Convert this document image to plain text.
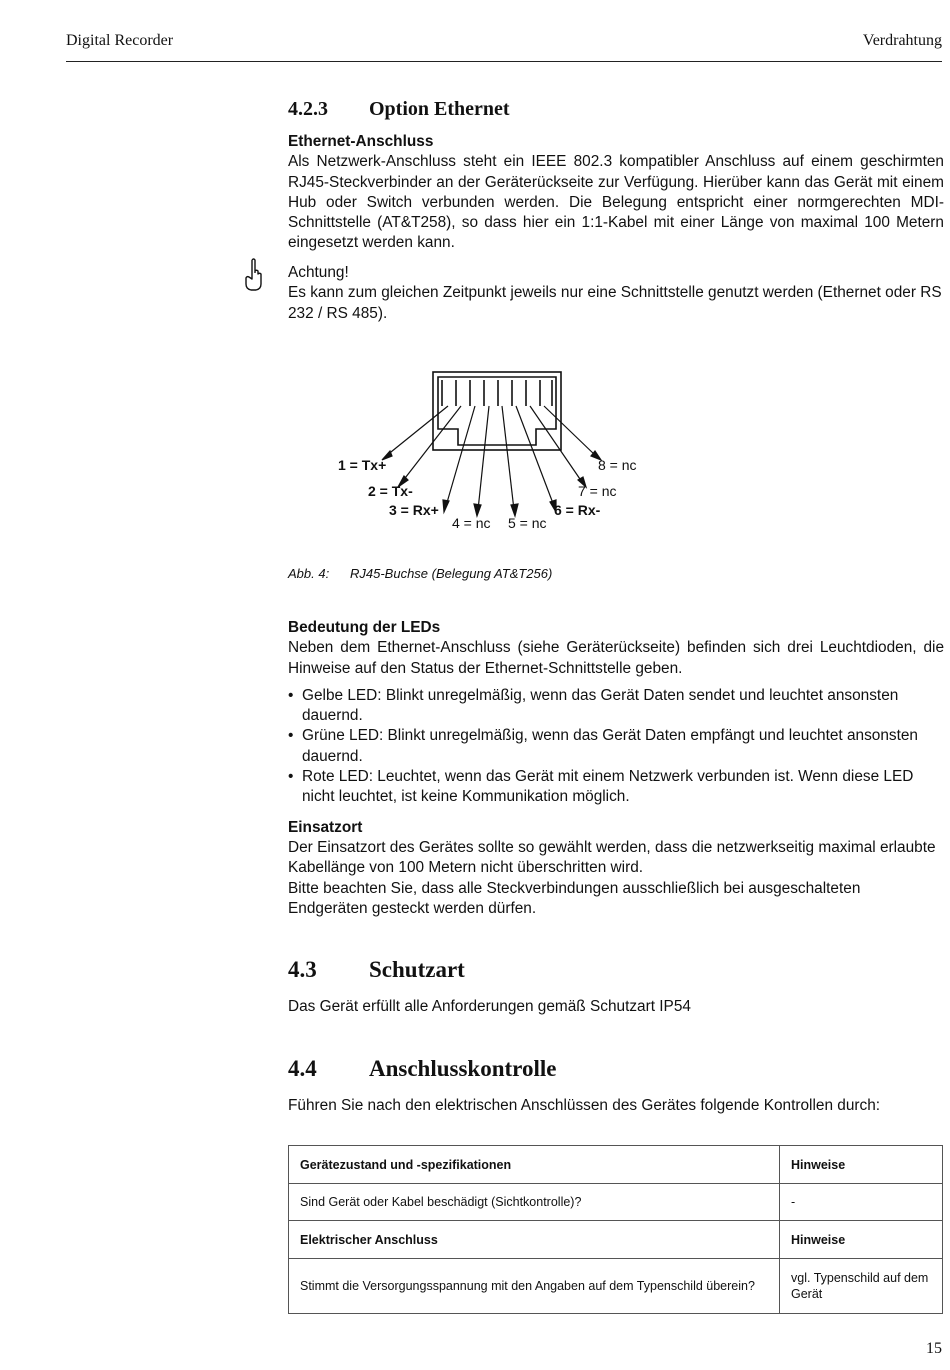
Digital Recorder	Verdrahtung
4.2.3 Option Ethernet

Ethernet-Anschluss

Als Netzwerk-Anschluss steht ein IEEE 802.3 kompatibler Anschluss auf einem geschirmten RJ45-Steckverbinder an der Geräterückseite zur Verfügung. Hierüber kann das Gerät mit einem Hub oder Switch verbunden werden. Die Belegung entspricht einer normgerechten MDI-Schnittstelle (AT&T258), so dass hier ein 1:1-Kabel mit einer Länge von maximal 100 Metern eingesetzt werden kann.

Achtung!

Es kann zum gleichen Zeitpunkt jeweils nur eine Schnittstelle genutzt werden (Ethernet oder RS 232 / RS 485).

1 = Tx+
2 = Tx-
3 = Rx+
4 = nc 5 = nc
6 = Rx-
7 = nc
8 = nc
Abb. 4: RJ45-Buchse (Belegung AT&T256)

Bedeutung der LEDs

Neben dem Ethernet-Anschluss (siehe Geräterückseite) befinden sich drei Leuchtdioden, die Hinweise auf den Status der Ethernet-Schnittstelle geben.

• Gelbe LED: Blinkt unregelmäßig, wenn das Gerät Daten sendet und leuchtet ansonsten dauernd.
• Grüne LED: Blinkt unregelmäßig, wenn das Gerät Daten empfängt und leuchtet ansonsten dauernd.
• Rote LED: Leuchtet, wenn das Gerät mit einem Netzwerk verbunden ist. Wenn diese LED nicht leuchtet, ist keine Kommunikation möglich.

Einsatzort

Der Einsatzort des Gerätes sollte so gewählt werden, dass die netzwerkseitig maximal erlaubte Kabellänge von 100 Metern nicht überschritten wird.

Bitte beachten Sie, dass alle Steckverbindungen ausschließlich bei ausgeschalteten Endgeräten gesteckt werden dürfen.

4.3 Schutzart

Das Gerät erfüllt alle Anforderungen gemäß Schutzart IP54

4.4 Anschlusskontrolle

Führen Sie nach den elektrischen Anschlüssen des Gerätes folgende Kontrollen durch:

Gerätezustand und -spezifikationen	Hinweise
Sind Gerät oder Kabel beschädigt (Sichtkontrolle)?	-
Elektrischer Anschluss	Hinweise
Stimmt die Versorgungsspannung mit den Angaben auf dem Typenschild überein?	vgl. Typenschild auf dem Gerät
15
